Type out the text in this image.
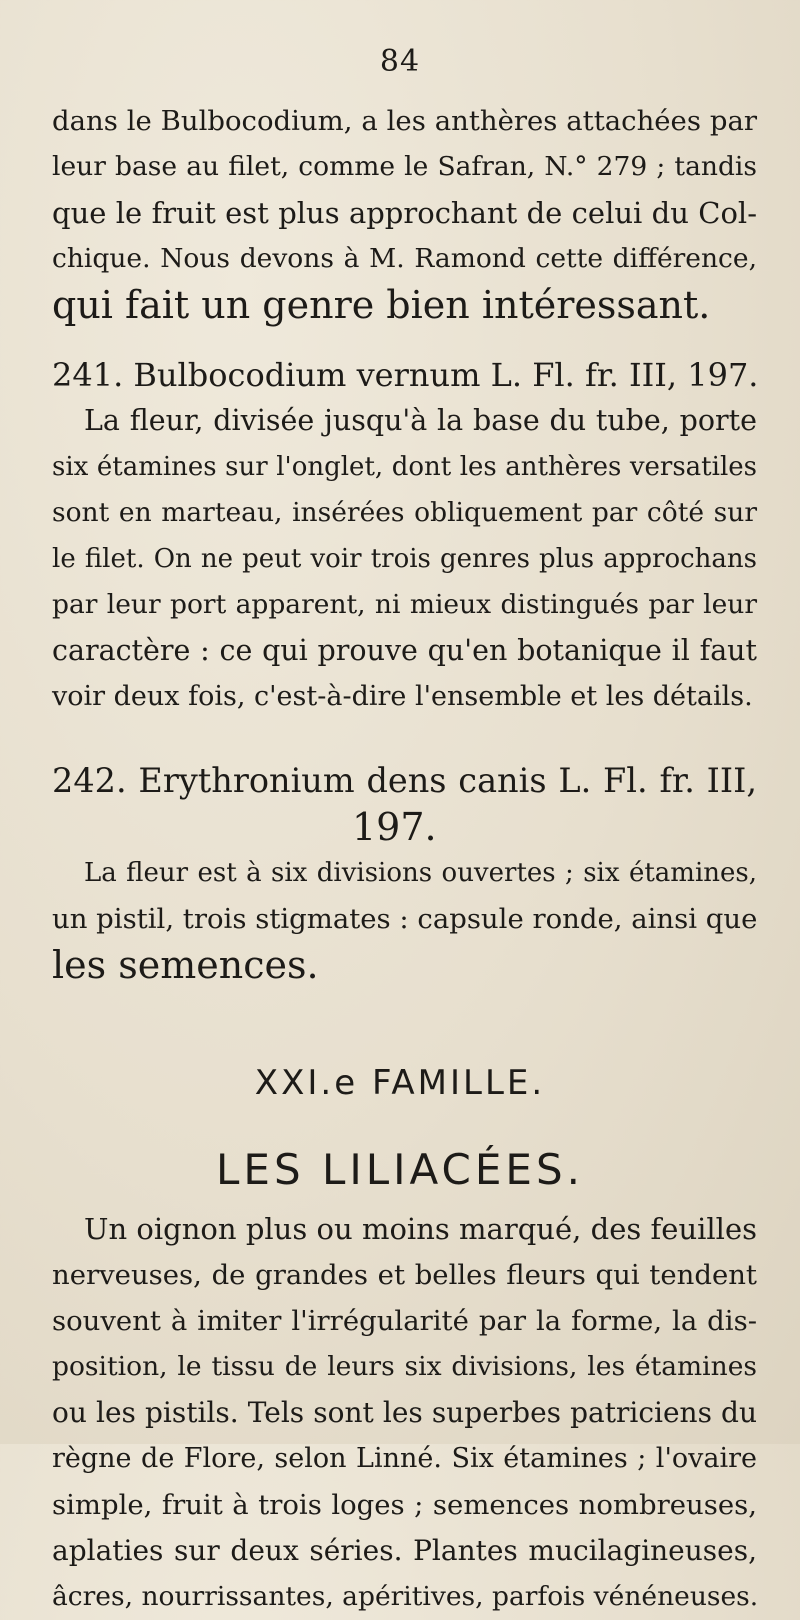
84
dans le Bulbocodium, a les anthères attachées par
leur base au filet, comme le Safran, N.° 279 ; tandis
que le fruit est plus approchant de celui du Col-
chique. Nous devons à M. Ramond cette différence,
qui fait un genre bien intéressant.
241. Bulbocodium vernum L. Fl. fr. III, 197.
La fleur, divisée jusqu'à la base du tube, porte
six étamines sur l'onglet, dont les anthères versatiles
sont en marteau, insérées obliquement par côté sur
le filet. On ne peut voir trois genres plus approchans
par leur port apparent, ni mieux distingués par leur
caractère : ce qui prouve qu'en botanique il faut
voir deux fois, c'est-à-dire l'ensemble et les détails.
242. Erythronium dens canis L. Fl. fr. III,
197.
La fleur est à six divisions ouvertes ; six étamines,
un pistil, trois stigmates : capsule ronde, ainsi que
les semences.
XXI.e FAMILLE.
LES LILIACÉES.
Un oignon plus ou moins marqué, des feuilles
nerveuses, de grandes et belles fleurs qui tendent
souvent à imiter l'irrégularité par la forme, la dis-
position, le tissu de leurs six divisions, les étamines
ou les pistils. Tels sont les superbes patriciens du
règne de Flore, selon Linné. Six étamines ; l'ovaire
simple, fruit à trois loges ; semences nombreuses,
aplaties sur deux séries. Plantes mucilagineuses,
âcres, nourrissantes, apéritives, parfois vénéneuses.
